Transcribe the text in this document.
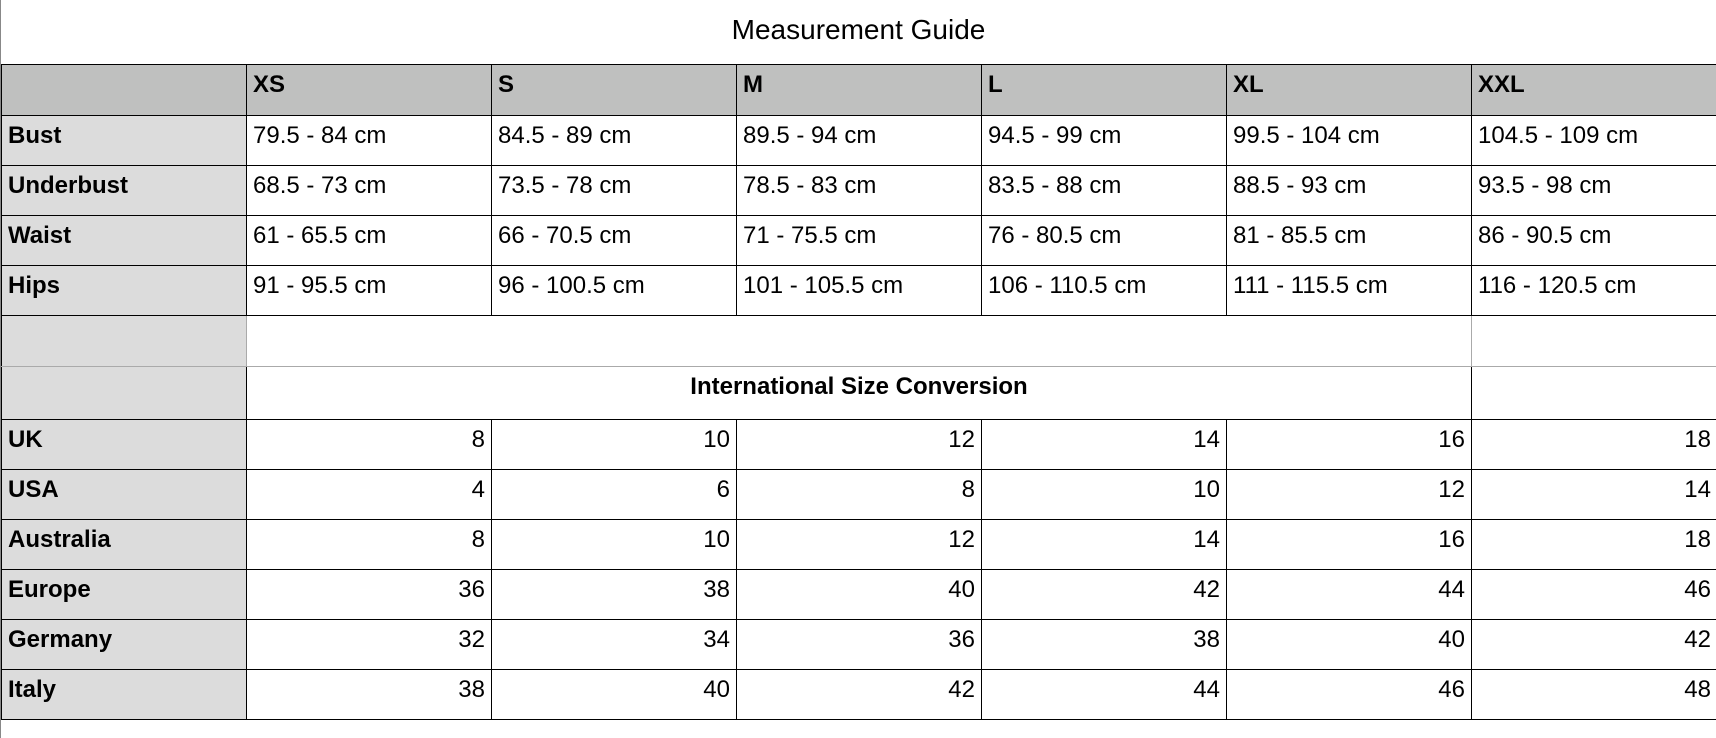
Measurement Guide
	XS	S	M	L	XL	XXL
Bust	79.5 - 84 cm	84.5 - 89 cm	89.5 - 94 cm	94.5 - 99 cm	99.5 - 104 cm	104.5 - 109 cm
Underbust	68.5 - 73 cm	73.5 - 78 cm	78.5 - 83 cm	83.5 - 88 cm	88.5 - 93 cm	93.5 - 98 cm
Waist	61 - 65.5 cm	66 - 70.5 cm	71 - 75.5 cm	76 - 80.5 cm	81 - 85.5 cm	86 - 90.5 cm
Hips	91 - 95.5 cm	96 - 100.5 cm	101 - 105.5 cm	106 - 110.5 cm	111 - 115.5 cm	116 - 120.5 cm

	International Size Conversion					
UK	8	10	12	14	16	18
USA	4	6	8	10	12	14
Australia	8	10	12	14	16	18
Europe	36	38	40	42	44	46
Germany	32	34	36	38	40	42
Italy	38	40	42	44	46	48
